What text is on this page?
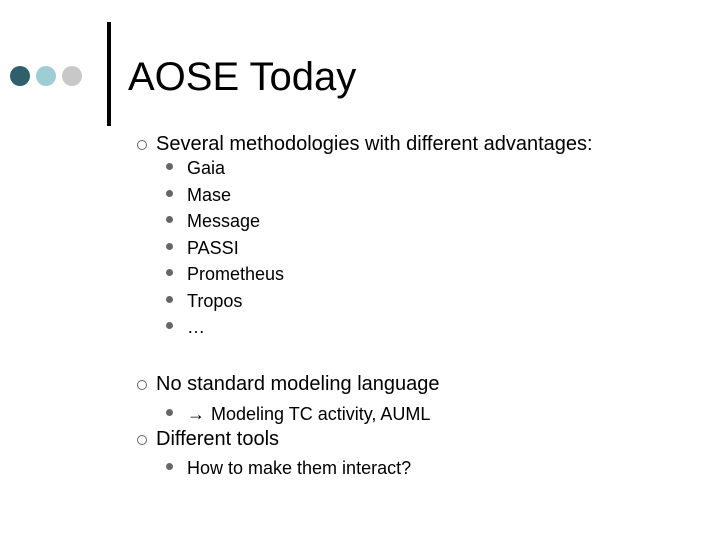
AOSE Today
Several methodologies with different advantages:
Gaia
Mase
Message
PASSI
Prometheus
Tropos
…
No standard modeling language
→ Modeling TC activity, AUML
Different tools
How to make them interact?
